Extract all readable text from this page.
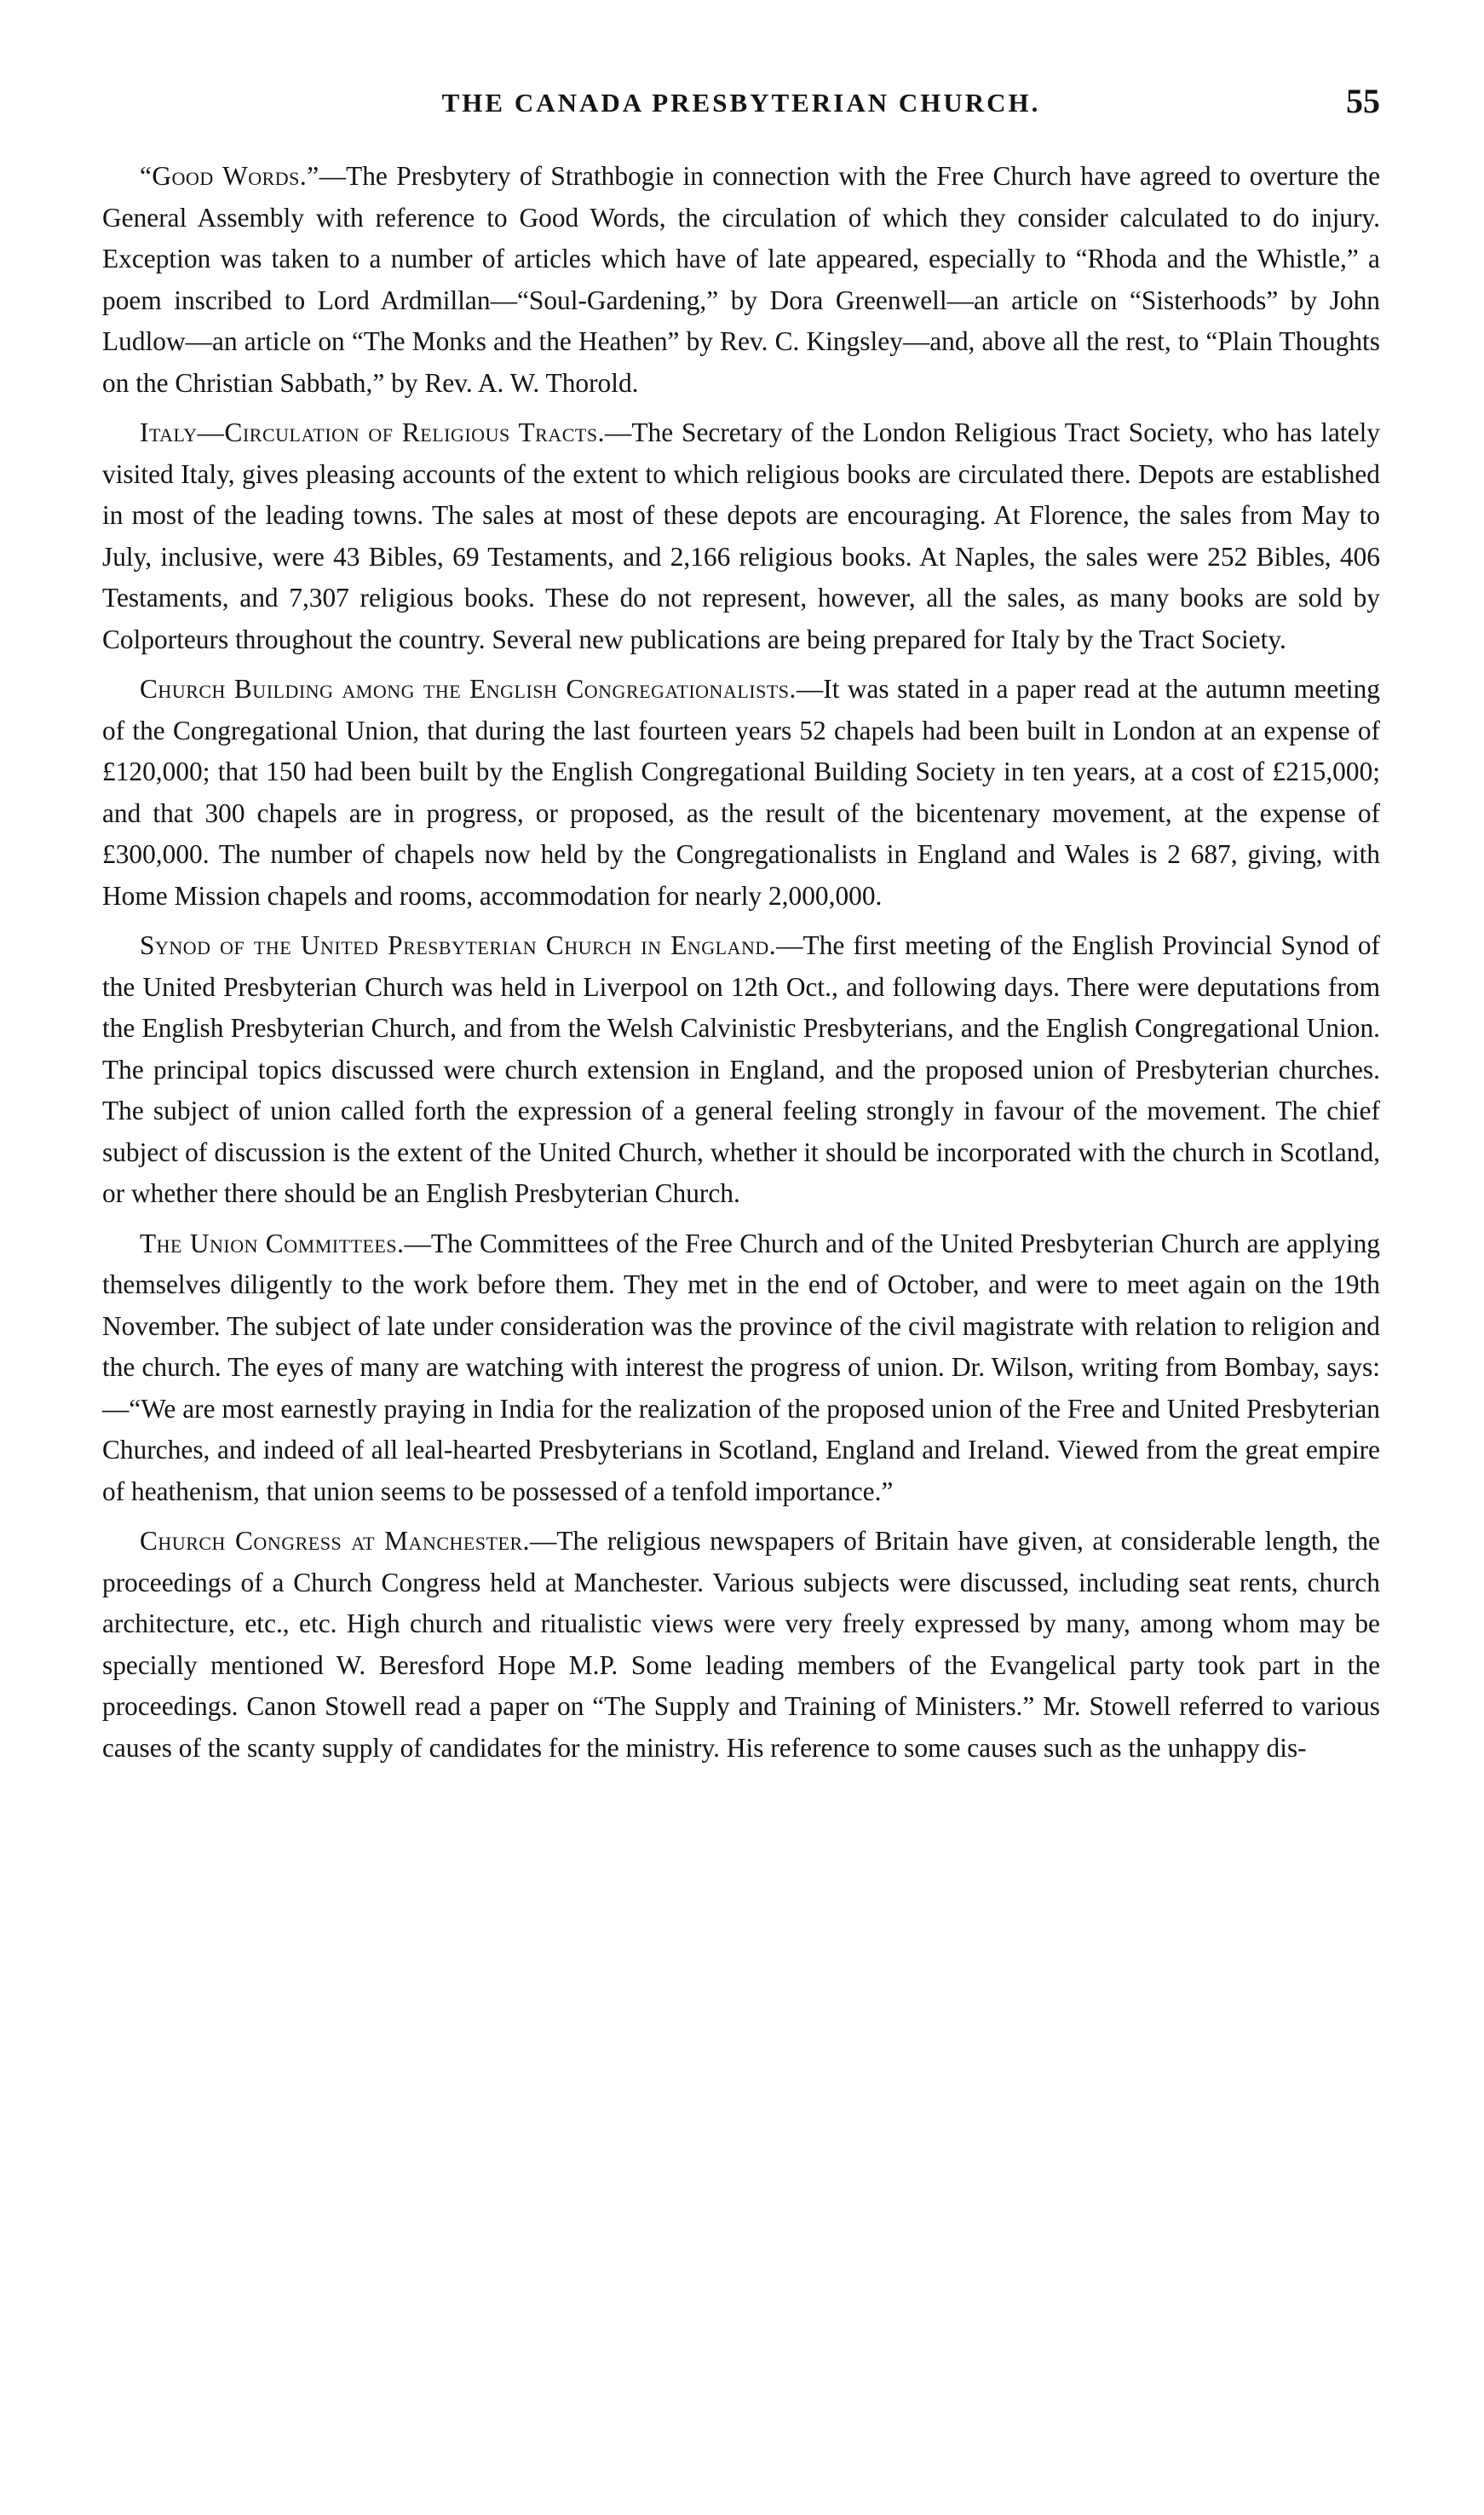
THE CANADA PRESBYTERIAN CHURCH.	55

“Good Words.”—The Presbytery of Strathbogie in connection with the Free Church have agreed to overture the General Assembly with reference to Good Words, the circulation of which they consider calculated to do injury. Exception was taken to a number of articles which have of late appeared, especially to “Rhoda and the Whistle,” a poem inscribed to Lord Ardmillan—“Soul-Gardening,” by Dora Greenwell—an article on “Sisterhoods” by John Ludlow—an article on “The Monks and the Heathen” by Rev. C. Kingsley—and, above all the rest, to “Plain Thoughts on the Christian Sabbath,” by Rev. A. W. Thorold.

Italy—Circulation of Religious Tracts.—The Secretary of the London Religious Tract Society, who has lately visited Italy, gives pleasing accounts of the extent to which religious books are circulated there. Depots are established in most of the leading towns. The sales at most of these depots are encouraging. At Florence, the sales from May to July, inclusive, were 43 Bibles, 69 Testaments, and 2,166 religious books. At Naples, the sales were 252 Bibles, 406 Testaments, and 7,307 religious books. These do not represent, however, all the sales, as many books are sold by Colporteurs throughout the country. Several new publications are being prepared for Italy by the Tract Society.

Church Building among the English Congregationalists.—It was stated in a paper read at the autumn meeting of the Congregational Union, that during the last fourteen years 52 chapels had been built in London at an expense of £120,000; that 150 had been built by the English Congregational Building Society in ten years, at a cost of £215,000; and that 300 chapels are in progress, or proposed, as the result of the bicentenary movement, at the expense of £300,000. The number of chapels now held by the Congregationalists in England and Wales is 2 687, giving, with Home Mission chapels and rooms, accommodation for nearly 2,000,000.

Synod of the United Presbyterian Church in England.—The first meeting of the English Provincial Synod of the United Presbyterian Church was held in Liverpool on 12th Oct., and following days. There were deputations from the English Presbyterian Church, and from the Welsh Calvinistic Presbyterians, and the English Congregational Union. The principal topics discussed were church extension in England, and the proposed union of Presbyterian churches. The subject of union called forth the expression of a general feeling strongly in favour of the movement. The chief subject of discussion is the extent of the United Church, whether it should be incorporated with the church in Scotland, or whether there should be an English Presbyterian Church.

The Union Committees.—The Committees of the Free Church and of the United Presbyterian Church are applying themselves diligently to the work before them. They met in the end of October, and were to meet again on the 19th November. The subject of late under consideration was the province of the civil magistrate with relation to religion and the church. The eyes of many are watching with interest the progress of union. Dr. Wilson, writing from Bombay, says:—“We are most earnestly praying in India for the realization of the proposed union of the Free and United Presbyterian Churches, and indeed of all leal-hearted Presbyterians in Scotland, England and Ireland. Viewed from the great empire of heathenism, that union seems to be possessed of a tenfold importance.”

Church Congress at Manchester.—The religious newspapers of Britain have given, at considerable length, the proceedings of a Church Congress held at Manchester. Various subjects were discussed, including seat rents, church architecture, etc., etc. High church and ritualistic views were very freely expressed by many, among whom may be specially mentioned W. Beresford Hope M.P. Some leading members of the Evangelical party took part in the proceedings. Canon Stowell read a paper on “The Supply and Training of Ministers.” Mr. Stowell referred to various causes of the scanty supply of candidates for the ministry. His reference to some causes such as the unhappy dis-
